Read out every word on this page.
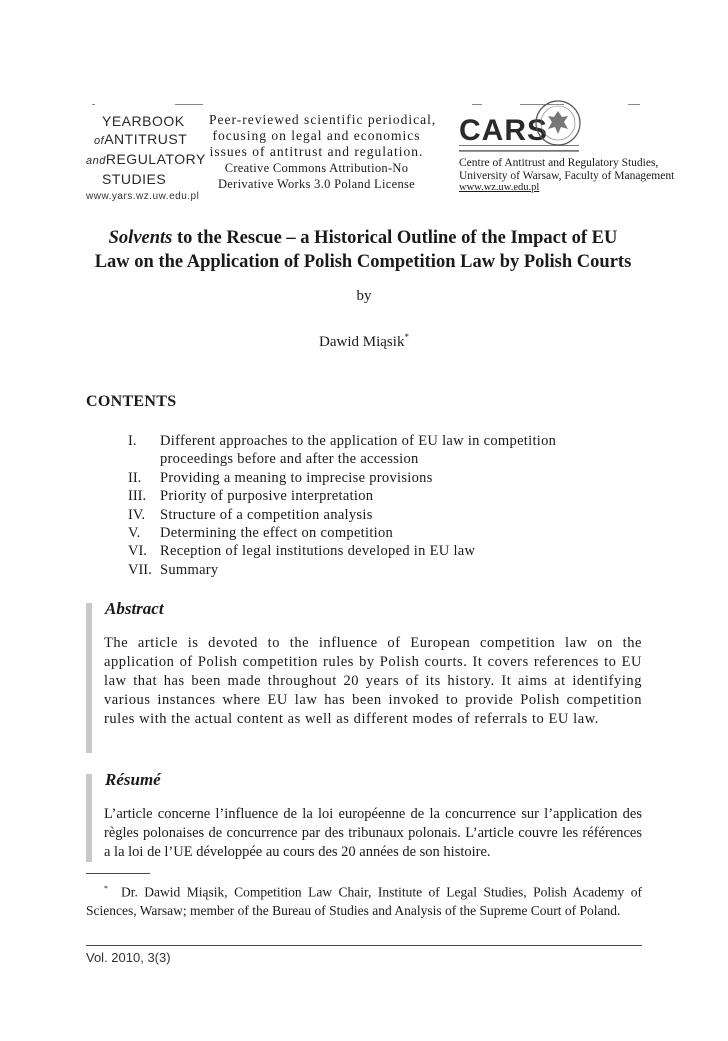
YEARBOOK
ofANTITRUST
andREGULATORY
STUDIES
www.yars.wz.uw.edu.pl
Peer-reviewed scientific periodical,
focusing on legal and economics
issues of antitrust and regulation.
Creative Commons Attribution-No
Derivative Works 3.0 Poland License
CARS
Centre of Antitrust and Regulatory Studies,
University of Warsaw, Faculty of Management
www.wz.uw.edu.pl
Solvents to the Rescue – a Historical Outline of the Impact of EU
Law on the Application of Polish Competition Law by Polish Courts
by
Dawid Miąsik*
CONTENTS
I.	Different approaches to the application of EU law in competition
proceedings before and after the accession
II.	Providing a meaning to imprecise provisions
III. Priority of purposive interpretation
IV.	Structure of a competition analysis
V.	Determining the effect on competition
VI. Reception of legal institutions developed in EU law
VII. Summary
Abstract
The article is devoted to the influence of European competition law on the application of Polish competition rules by Polish courts. It covers references to EU law that has been made throughout 20 years of its history. It aims at identifying various instances where EU law has been invoked to provide Polish competition rules with the actual content as well as different modes of referrals to EU law.
Résumé
L’article concerne l’influence de la loi européenne de la concurrence sur l’application des règles polonaises de concurrence par des tribunaux polonais. L’article couvre les références a la loi de l’UE développée au cours des 20 années de son histoire.
* Dr. Dawid Miąsik, Competition Law Chair, Institute of Legal Studies, Polish Academy of Sciences, Warsaw; member of the Bureau of Studies and Analysis of the Supreme Court of Poland.
Vol. 2010, 3(3)
